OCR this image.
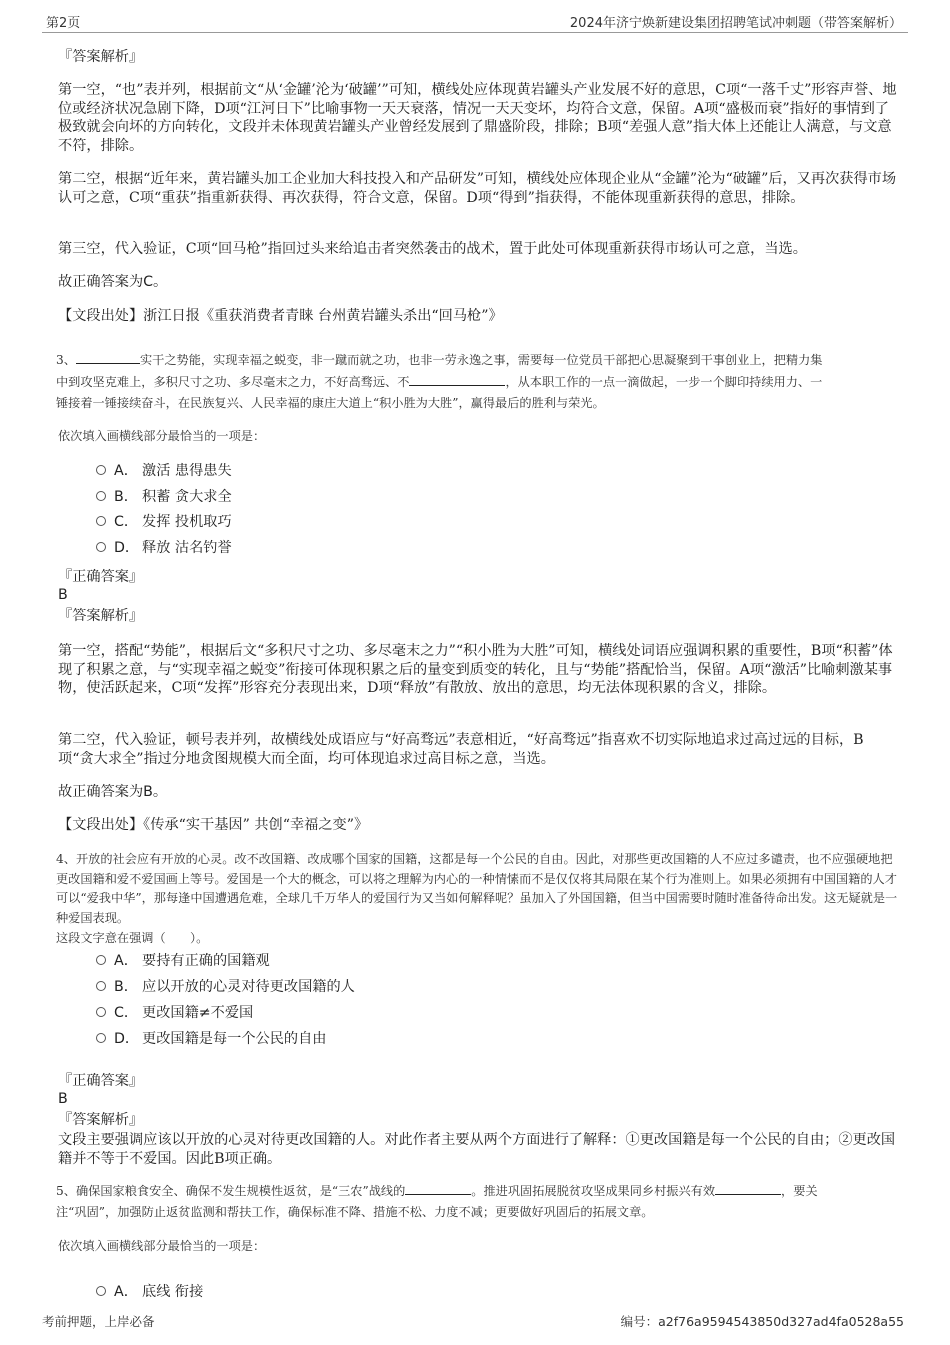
第2页	2024年济宁焕新建设集团招聘笔试冲刺题（带答案解析）
『答案解析』
第一空，“也”表并列，根据前文“从‘金罐’沦为‘破罐’”可知，横线处应体现黄岩罐头产业发展不好的意思，C项“一落千丈”形容声誉、地位或经济状况急剧下降，D项“江河日下”比喻事物一天天衰落，情况一天天变坏，均符合文意，保留。A项“盛极而衰”指好的事情到了极致就会向坏的方向转化，文段并未体现黄岩罐头产业曾经发展到了鼎盛阶段，排除；B项“差强人意”指大体上还能让人满意，与文意不符，排除。
第二空，根据“近年来，黄岩罐头加工企业加大科技投入和产品研发”可知，横线处应体现企业从“金罐”沦为“破罐”后，又再次获得市场认可之意，C项“重获”指重新获得、再次获得，符合文意，保留。D项“得到”指获得，不能体现重新获得的意思，排除。
第三空，代入验证，C项“回马枪”指回过头来给追击者突然袭击的战术，置于此处可体现重新获得市场认可之意，当选。
故正确答案为C。
【文段出处】浙江日报《重获消费者青睐 台州黄岩罐头杀出“回马枪”》
3、	实干之势能，实现幸福之蜕变，非一蹴而就之功，也非一劳永逸之事，需要每一位党员干部把心思凝聚到干事创业上，把精力集
中到攻坚克难上，多积尺寸之功、多尽毫末之力，不好高骛远、不	，从本职工作的一点一滴做起，一步一个脚印持续用力、一
锤接着一锤接续奋斗，在民族复兴、人民幸福的康庄大道上“积小胜为大胜”，赢得最后的胜利与荣光。
依次填入画横线部分最恰当的一项是：
A． 激活 患得患失
B． 积蓄 贪大求全
C． 发挥 投机取巧
D． 释放 沽名钓誉
『正确答案』
B
『答案解析』
第一空，搭配“势能”，根据后文“多积尺寸之功、多尽毫末之力”“积小胜为大胜”可知，横线处词语应强调积累的重要性，B项“积蓄”体现了积累之意，与“实现幸福之蜕变”衔接可体现积累之后的量变到质变的转化，且与“势能”搭配恰当，保留。A项“激活”比喻刺激某事物，使活跃起来，C项“发挥”形容充分表现出来，D项“释放”有散放、放出的意思，均无法体现积累的含义，排除。
第二空，代入验证，顿号表并列，故横线处成语应与“好高骛远”表意相近，“好高骛远”指喜欢不切实际地追求过高过远的目标，B项“贪大求全”指过分地贪图规模大而全面，均可体现追求过高目标之意，当选。
故正确答案为B。
【文段出处】《传承“实干基因” 共创“幸福之变”》
4、开放的社会应有开放的心灵。改不改国籍、改成哪个国家的国籍，这都是每一个公民的自由。因此，对那些更改国籍的人不应过多谴责，也不应强硬地把更改国籍和爱不爱国画上等号。爱国是一个大的概念，可以将之理解为内心的一种情愫而不是仅仅将其局限在某个行为准则上。如果必须拥有中国国籍的人才可以“爱我中华”，那每逢中国遭遇危难，全球几千万华人的爱国行为又当如何解释呢？虽加入了外国国籍，但当中国需要时随时准备待命出发。这无疑就是一种爱国表现。
这段文字意在强调（　　）。
A． 要持有正确的国籍观
B． 应以开放的心灵对待更改国籍的人
C． 更改国籍≠不爱国
D． 更改国籍是每一个公民的自由
『正确答案』
B
『答案解析』
文段主要强调应该以开放的心灵对待更改国籍的人。对此作者主要从两个方面进行了解释：①更改国籍是每一个公民的自由；②更改国籍并不等于不爱国。因此B项正确。
5、确保国家粮食安全、确保不发生规模性返贫，是“三农”战线的	。推进巩固拓展脱贫攻坚成果同乡村振兴有效	，要关
注“巩固”，加强防止返贫监测和帮扶工作，确保标准不降、措施不松、力度不减；更要做好巩固后的拓展文章。
依次填入画横线部分最恰当的一项是：
A． 底线 衔接
考前押题，上岸必备	编号：a2f76a9594543850d327ad4fa0528a55
